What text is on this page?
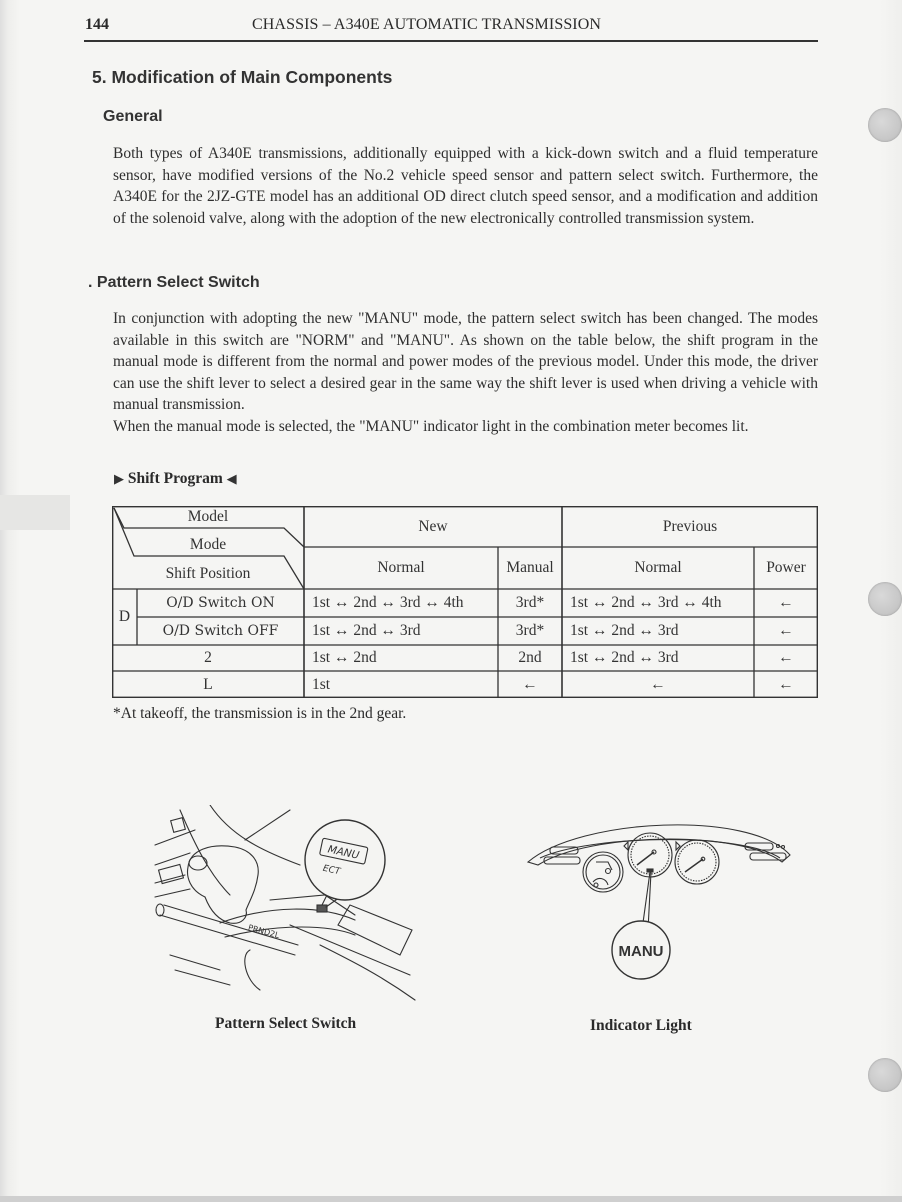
144	CHASSIS – A340E AUTOMATIC TRANSMISSION
5. Modification of Main Components
General

Both types of A340E transmissions, additionally equipped with a kick-down switch and a fluid temperature sensor, have modified versions of the No.2 vehicle speed sensor and pattern select switch. Furthermore, the A340E for the 2JZ-GTE model has an additional OD direct clutch speed sensor, and a modification and addition of the solenoid valve, along with the adoption of the new electronically controlled transmission system.

. Pattern Select Switch

In conjunction with adopting the new "MANU" mode, the pattern select switch has been changed. The modes available in this switch are "NORM" and "MANU". As shown on the table below, the shift program in the manual mode is different from the normal and power modes of the previous model. Under this mode, the driver can use the shift lever to select a desired gear in the same way the shift lever is used when driving a vehicle with manual transmission.

When the manual mode is selected, the "MANU" indicator light in the combination meter becomes lit.

▶ Shift Program ◀
Model
Mode
Shift Position
New	Previous
Normal	Manual	Normal	Power
D
O/D Switch ON	1st ↔ 2nd ↔ 3rd ↔ 4th	3rd*	1st ↔ 2nd ↔ 3rd ↔ 4th	←
O/D Switch OFF	1st ↔ 2nd ↔ 3rd	3rd*	1st ↔ 2nd ↔ 3rd	←
2	1st ↔ 2nd	2nd	1st ↔ 2nd ↔ 3rd	←
L	1st	←	←	←
*At takeoff, the transmission is in the 2nd gear.
PRND2L
MANU
ECT
Pattern Select Switch
MANU
Indicator Light
